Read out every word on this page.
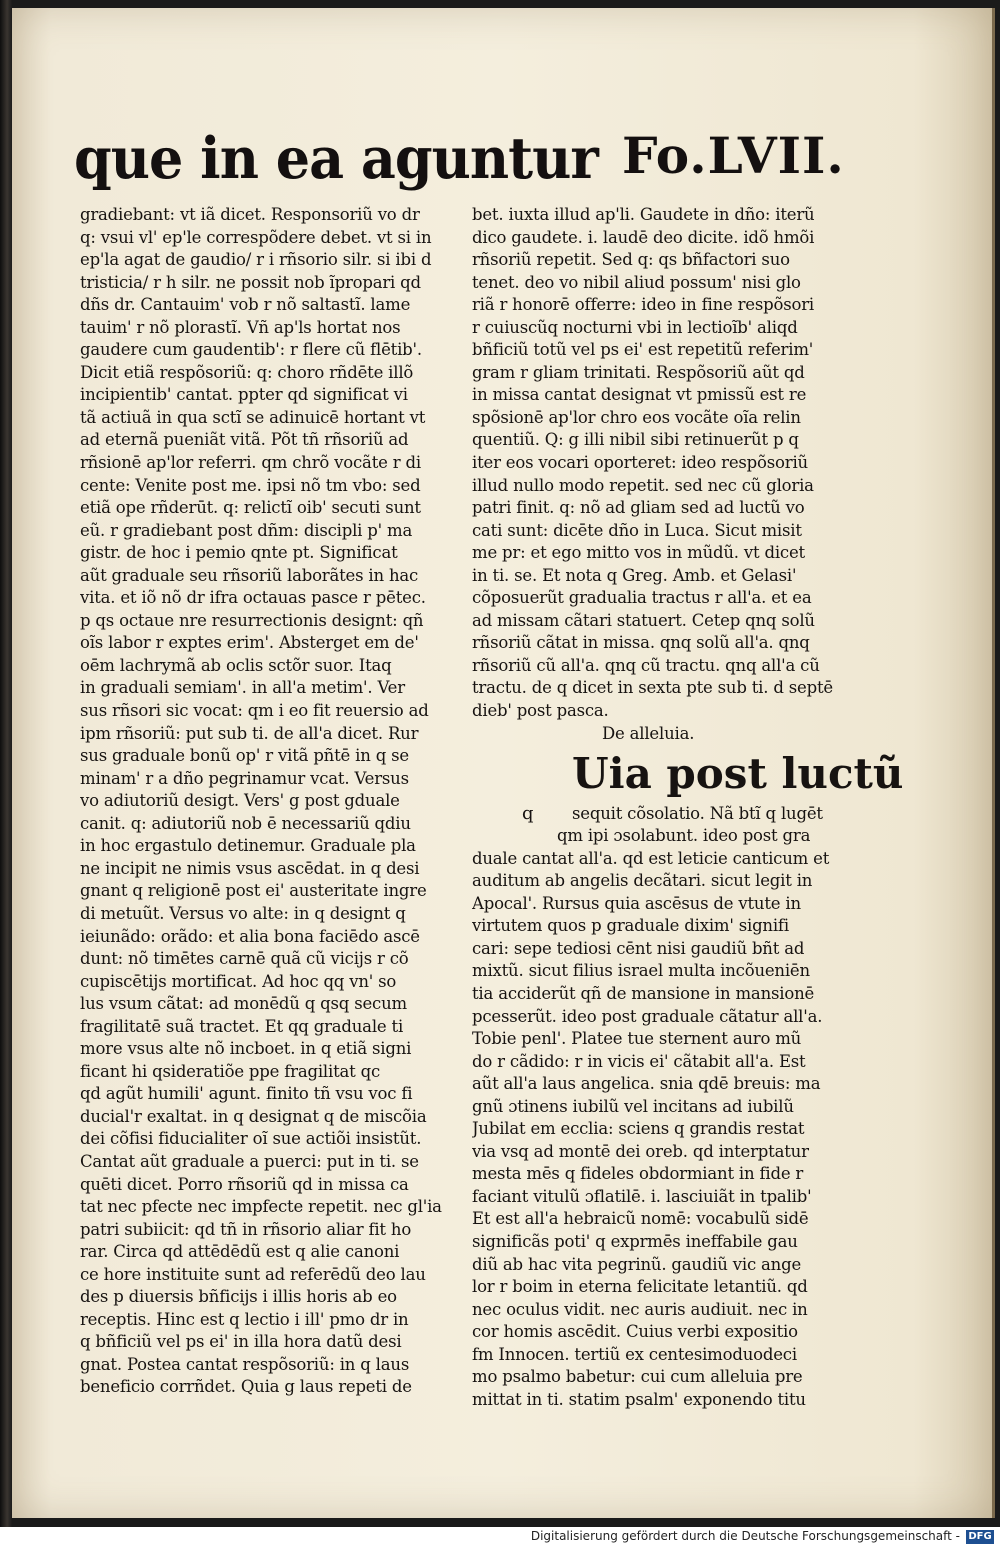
que in ea aguntur Fo.LVII.
gradiebant: vt iã dicet. Responsoriũ vo dr
q: vsui vl' ep'le correspõdere debet. vt si in
ep'la agat de gaudio/ r i rñsorio silr. si ibi d
tristicia/ r h silr. ne possit nob ĩpropari qd
dñs dr. Cantauim' vob r nõ saltastĩ. lame
tauim' r nõ plorastĩ. Vñ ap'ls hortat nos
gaudere cum gaudentib': r flere cũ flētib'.
Dicit etiã respõsoriũ: q: choro rñdēte illõ
incipientib' cantat. ppter qd significat vi
tã actiuã in qua sctĩ se adinuicē hortant vt
ad eternã pueniãt vitã. Põt tñ rñsoriũ ad
rñsionē ap'lor referri. qm chrõ vocãte r di
cente: Venite post me. ipsi nõ tm vbo: sed
etiã ope rñderūt. q: relictĩ oib' secuti sunt
eũ. r gradiebant post dñm: discipli p' ma
gistr. de hoc i pemio qnte pt. Significat
aũt graduale seu rñsoriũ laborãtes in hac
vita. et iõ nõ dr ifra octauas pasce r pētec.
p qs octaue nre resurrectionis designt: qñ
oĩs labor r exptes erim'. Absterget em de'
oēm lachrymã ab oclis sctõr suor. Itaq
in graduali semiam'. in all'a metim'. Ver
sus rñsori sic vocat: qm i eo fit reuersio ad
ipm rñsoriũ: put sub ti. de all'a dicet. Rur
sus graduale bonũ op' r vitã pñtē in q se
minam' r a dño pegrinamur vcat. Versus
vo adiutoriũ desigt. Vers' g post gduale
canit. q: adiutoriũ nob ē necessariũ qdiu
in hoc ergastulo detinemur. Graduale pla
ne incipit ne nimis vsus ascēdat. in q desi
gnant q religionē post ei' austeritate ingre
di metuũt. Versus vo alte: in q designt q
ieiunãdo: orãdo: et alia bona faciēdo ascē
dunt: nõ timētes carnē quã cũ vicijs r cõ
cupiscētijs mortificat. Ad hoc qq vn' so
lus vsum cãtat: ad monēdũ q qsq secum
fragilitatē suã tractet. Et qq graduale ti
more vsus alte nõ incboet. in q etiã signi
ficant hi qsideratiõe ppe fragilitat qc
qd agũt humili' agunt. finito tñ vsu voc fi
ducial'r exaltat. in q designat q de miscõia
dei cõfisi fiducialiter oĩ sue actiõi insistũt.
Cantat aũt graduale a puerci: put in ti. se
quēti dicet. Porro rñsoriũ qd in missa ca
tat nec pfecte nec impfecte repetit. nec gl'ia
patri subiicit: qd tñ in rñsorio aliar fit ho
rar. Circa qd attēdēdũ est q alie canoni
ce hore instituite sunt ad referēdũ deo lau
des p diuersis bñficijs i illis horis ab eo
receptis. Hinc est q lectio i ill' pmo dr in
q bñficiũ vel ps ei' in illa hora datũ desi
gnat. Postea cantat respõsoriũ: in q laus
beneficio corrñdet. Quia g laus repeti de
bet. iuxta illud ap'li. Gaudete in dño: iterũ
dico gaudete. i. laudē deo dicite. idõ hmõi
rñsoriũ repetit. Sed q: qs bñfactori suo
tenet. deo vo nibil aliud possum' nisi glo
riã r honorē offerre: ideo in fine respõsori
r cuiuscũq nocturni vbi in lectioĩb' aliqd
bñficiũ totũ vel ps ei' est repetitũ referim'
gram r gliam trinitati. Respõsoriũ aũt qd
in missa cantat designat vt pmissũ est re
spõsionē ap'lor chro eos vocãte oĩa relin
quentiũ. Q: g illi nibil sibi retinuerũt p q
iter eos vocari oporteret: ideo respõsoriũ
illud nullo modo repetit. sed nec cũ gloria
patri finit. q: nõ ad gliam sed ad luctũ vo
cati sunt: dicēte dño in Luca. Sicut misit
me pr: et ego mitto vos in mũdũ. vt dicet
in ti. se. Et nota q Greg. Amb. et Gelasi'
cõposuerũt gradualia tractus r all'a. et ea
ad missam cãtari statuert. Cetep qnq solũ
rñsoriũ cãtat in missa. qnq solũ all'a. qnq
rñsoriũ cũ all'a. qnq cũ tractu. qnq all'a cũ
tractu. de q dicet in sexta pte sub ti. d septē
dieb' post pasca.
De alleluia.
Uia post luctũ
q	sequit cõsolatio. Nã btĩ q lugēt
qm ipi ɔsolabunt. ideo post gra
duale cantat all'a. qd est leticie canticum et
auditum ab angelis decãtari. sicut legit in
Apocal'. Rursus quia ascēsus de vtute in
virtutem quos p graduale dixim' signifi
cari: sepe tediosi cēnt nisi gaudiũ bñt ad
mixtũ. sicut filius israel multa incõueniēn
tia acciderũt qñ de mansione in mansionē
pcesserũt. ideo post graduale cãtatur all'a.
Tobie penl'. Platee tue sternent auro mũ
do r cãdido: r in vicis ei' cãtabit all'a. Est
aũt all'a laus angelica. snia qdē breuis: ma
gnũ ɔtinens iubilũ vel incitans ad iubilũ
Jubilat em ecclia: sciens q grandis restat
via vsq ad montē dei oreb. qd interptatur
mesta mēs q fideles obdormiant in fide r
faciant vitulũ ɔflatilē. i. lasciuiãt in tpalib'
Et est all'a hebraicũ nomē: vocabulũ sidē
significãs poti' q exprmēs ineffabile gau
diũ ab hac vita pegrinũ. gaudiũ vic ange
lor r boim in eterna felicitate letantiũ. qd
nec oculus vidit. nec auris audiuit. nec in
cor homis ascēdit. Cuius verbi expositio
fm Innocen. tertiũ ex centesimoduodeci
mo psalmo babetur: cui cum alleluia pre
mittat in ti. statim psalm' exponendo titu
Digitalisierung gefördert durch die Deutsche Forschungsgemeinschaft - DFG
